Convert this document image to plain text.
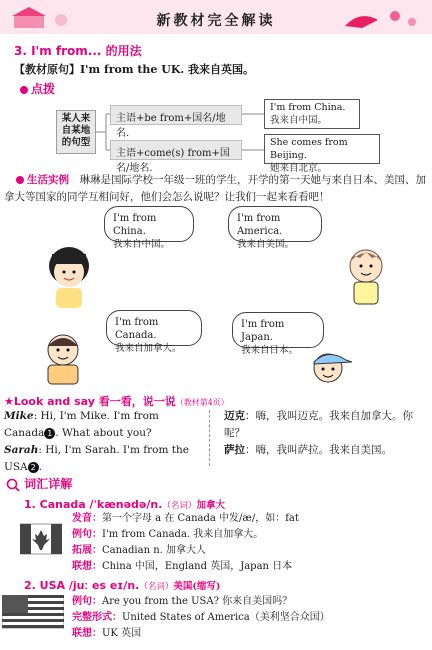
新教材完全解读
3. I'm from... 的用法
【教材原句】I'm from the UK. 我来自英国。
点拨
某人来自某地的句型
主语+be from+国名/地名.
主语+come(s) from+国名/地名.
I'm from China.
我来自中国。
She comes from Beijing.
她来自北京。
生活实例　 琳琳是国际学校一年级一班的学生，开学的第一天她与来自日本、美国、加拿大等国家的同学互相问好，他们会怎么说呢？让我们一起来看看吧！
I'm from China.
我来自中国。
I'm from America.
我来自美国。
I'm from Canada.
我来自加拿大。
I'm from Japan.
我来自日本。
★Look and say 看一看，说一说（教材第4页）
Mike: Hi, I'm Mike. I'm from Canada 1 . What about you?
Sarah: Hi, I'm Sarah. I'm from the USA 2 .
迈克：嗨，我叫迈克。我来自加拿大。你呢？
萨拉：嗨，我叫萨拉。我来自美国。
词汇详解
1. Canada /ˈkænədə/n.（名词）加拿大
发音：第一个字母 a 在 Canada 中发/æ/，如：fat
例句：I'm from Canada. 我来自加拿大。
拓展：Canadian n. 加拿大人
联想：China 中国，England 英国，Japan 日本
2. USA /juː es eɪ/n.（名词）美国(缩写)
例句：Are you from the USA? 你来自美国吗？
完整形式：United States of America（美利坚合众国）
联想：UK 英国
